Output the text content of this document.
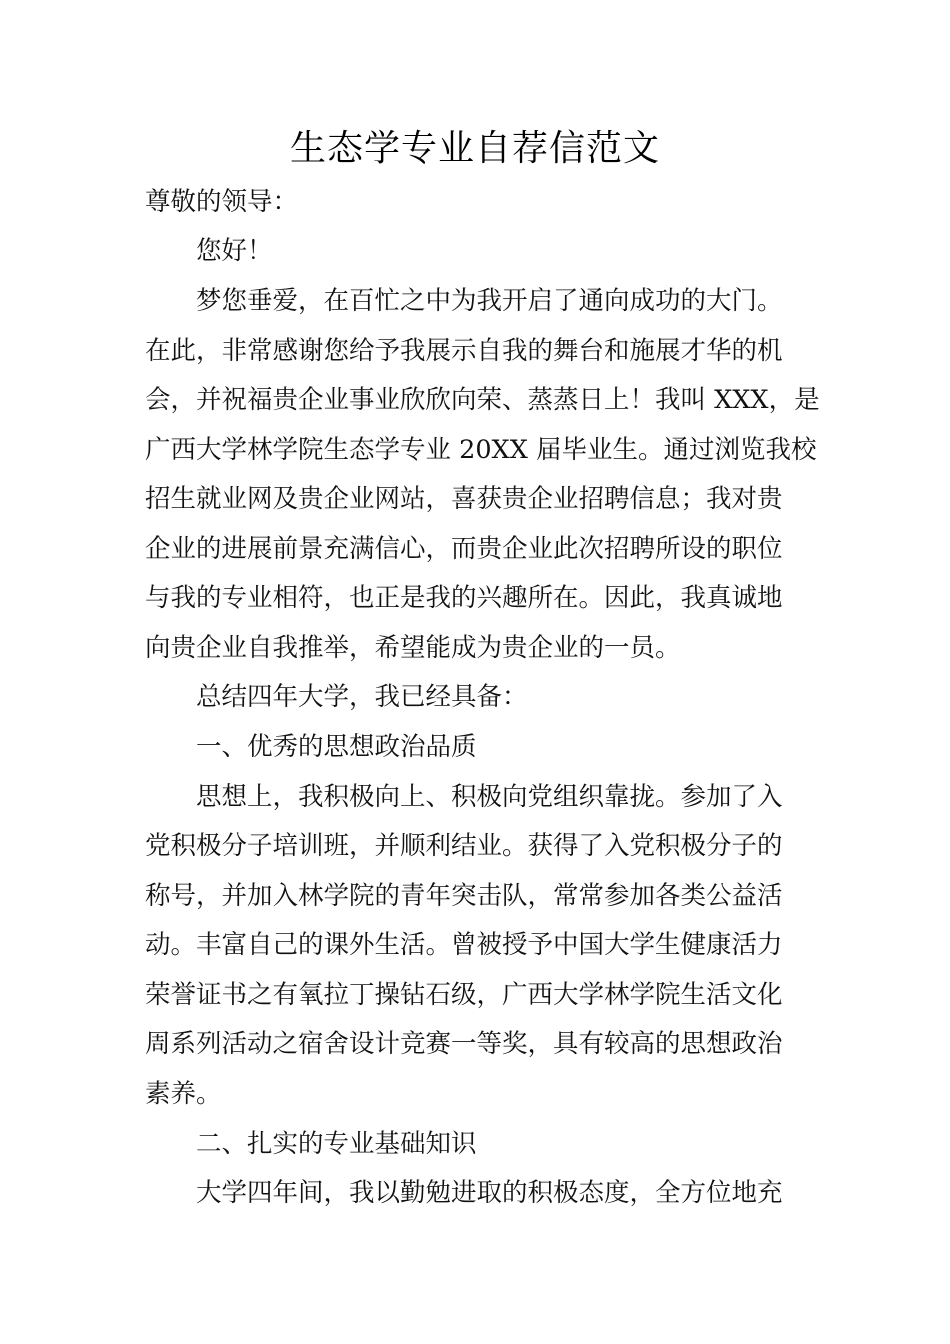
生态学专业自荐信范文

尊敬的领导：

　　您好！

　　梦您垂爱，在百忙之中为我开启了通向成功的大门。

在此，非常感谢您给予我展示自我的舞台和施展才华的机

会，并祝福贵企业事业欣欣向荣、蒸蒸日上！我叫 XXX，是

广西大学林学院生态学专业 20XX 届毕业生。通过浏览我校

招生就业网及贵企业网站，喜获贵企业招聘信息；我对贵

企业的进展前景充满信心，而贵企业此次招聘所设的职位

与我的专业相符，也正是我的兴趣所在。因此，我真诚地

向贵企业自我推举，希望能成为贵企业的一员。

　　总结四年大学，我已经具备：

　　一、优秀的思想政治品质

　　思想上，我积极向上、积极向党组织靠拢。参加了入

党积极分子培训班，并顺利结业。获得了入党积极分子的

称号，并加入林学院的青年突击队，常常参加各类公益活

动。丰富自己的课外生活。曾被授予中国大学生健康活力

荣誉证书之有氧拉丁操钻石级，广西大学林学院生活文化

周系列活动之宿舍设计竞赛一等奖，具有较高的思想政治

素养。

　　二、扎实的专业基础知识

　　大学四年间，我以勤勉进取的积极态度，全方位地充
